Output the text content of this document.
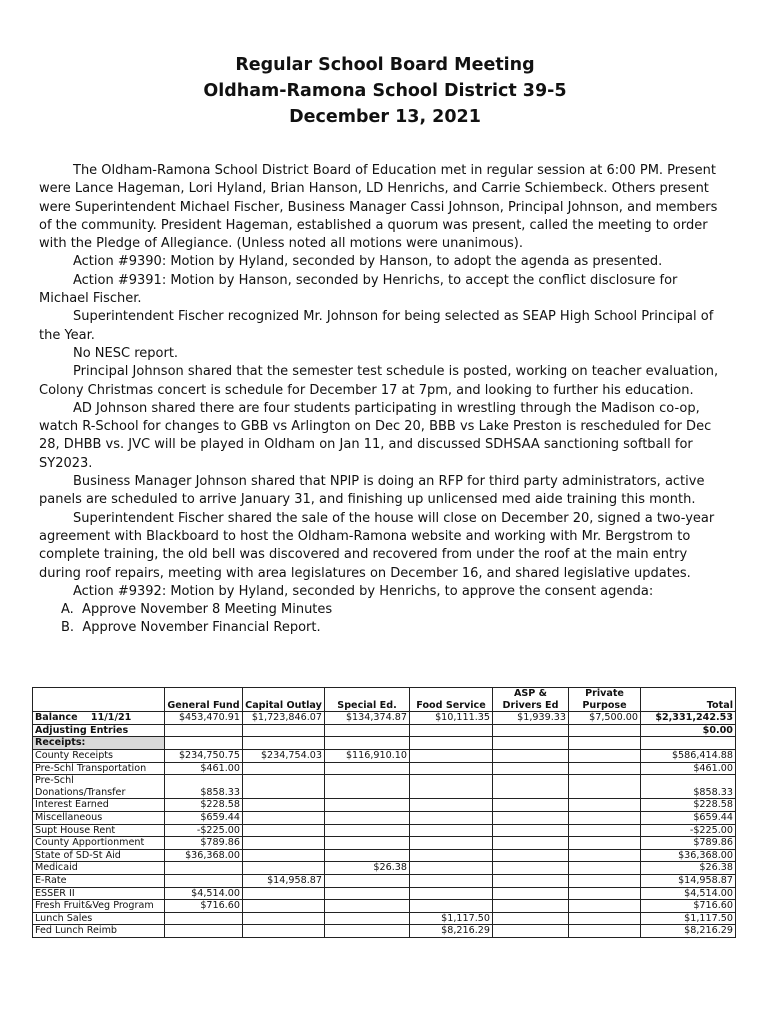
Regular School Board Meeting
Oldham-Ramona School District 39-5
December 13, 2021

The Oldham-Ramona School District Board of Education met in regular session at 6:00 PM. Present were Lance Hageman, Lori Hyland, Brian Hanson, LD Henrichs, and Carrie Schiembeck. Others present were Superintendent Michael Fischer, Business Manager Cassi Johnson, Principal Johnson, and members of the community. President Hageman, established a quorum was present, called the meeting to order with the Pledge of Allegiance. (Unless noted all motions were unanimous).

Action #9390: Motion by Hyland, seconded by Hanson, to adopt the agenda as presented.

Action #9391: Motion by Hanson, seconded by Henrichs, to accept the conflict disclosure for Michael Fischer.

Superintendent Fischer recognized Mr. Johnson for being selected as SEAP High School Principal of the Year.

No NESC report.

Principal Johnson shared that the semester test schedule is posted, working on teacher evaluation, Colony Christmas concert is schedule for December 17 at 7pm, and looking to further his education.

AD Johnson shared there are four students participating in wrestling through the Madison co-op, watch R-School for changes to GBB vs Arlington on Dec 20, BBB vs Lake Preston is rescheduled for Dec 28, DHBB vs. JVC will be played in Oldham on Jan 11, and discussed SDHSAA sanctioning softball for SY2023.

Business Manager Johnson shared that NPIP is doing an RFP for third party administrators, active panels are scheduled to arrive January 31, and finishing up unlicensed med aide training this month.

Superintendent Fischer shared the sale of the house will close on December 20, signed a two-year agreement with Blackboard to host the Oldham-Ramona website and working with Mr. Bergstrom to complete training, the old bell was discovered and recovered from under the roof at the main entry during roof repairs, meeting with area legislatures on December 16, and shared legislative updates.

Action #9392: Motion by Hyland, seconded by Henrichs, to approve the consent agenda:

A.  Approve November 8 Meeting Minutes
B.  Approve November Financial Report.
	General Fund	Capital Outlay	Special Ed.	Food Service	ASP & Drivers Ed	Private Purpose	Total
Balance    11/1/21	$453,470.91	$1,723,846.07	$134,374.87	$10,111.35	$1,939.33	$7,500.00	$2,331,242.53
Adjusting Entries							$0.00
Receipts:							
County Receipts	$234,750.75	$234,754.03	$116,910.10				$586,414.88
Pre-Schl Transportation	$461.00						$461.00
Pre-Schl Donations/Transfer	$858.33						$858.33
Interest Earned	$228.58						$228.58
Miscellaneous	$659.44						$659.44
Supt House Rent	-$225.00						-$225.00
County Apportionment	$789.86						$789.86
State of SD-St Aid	$36,368.00						$36,368.00
Medicaid			$26.38				$26.38
E-Rate		$14,958.87					$14,958.87
ESSER II	$4,514.00						$4,514.00
Fresh Fruit&Veg Program	$716.60						$716.60
Lunch Sales				$1,117.50			$1,117.50
Fed Lunch Reimb				$8,216.29			$8,216.29
